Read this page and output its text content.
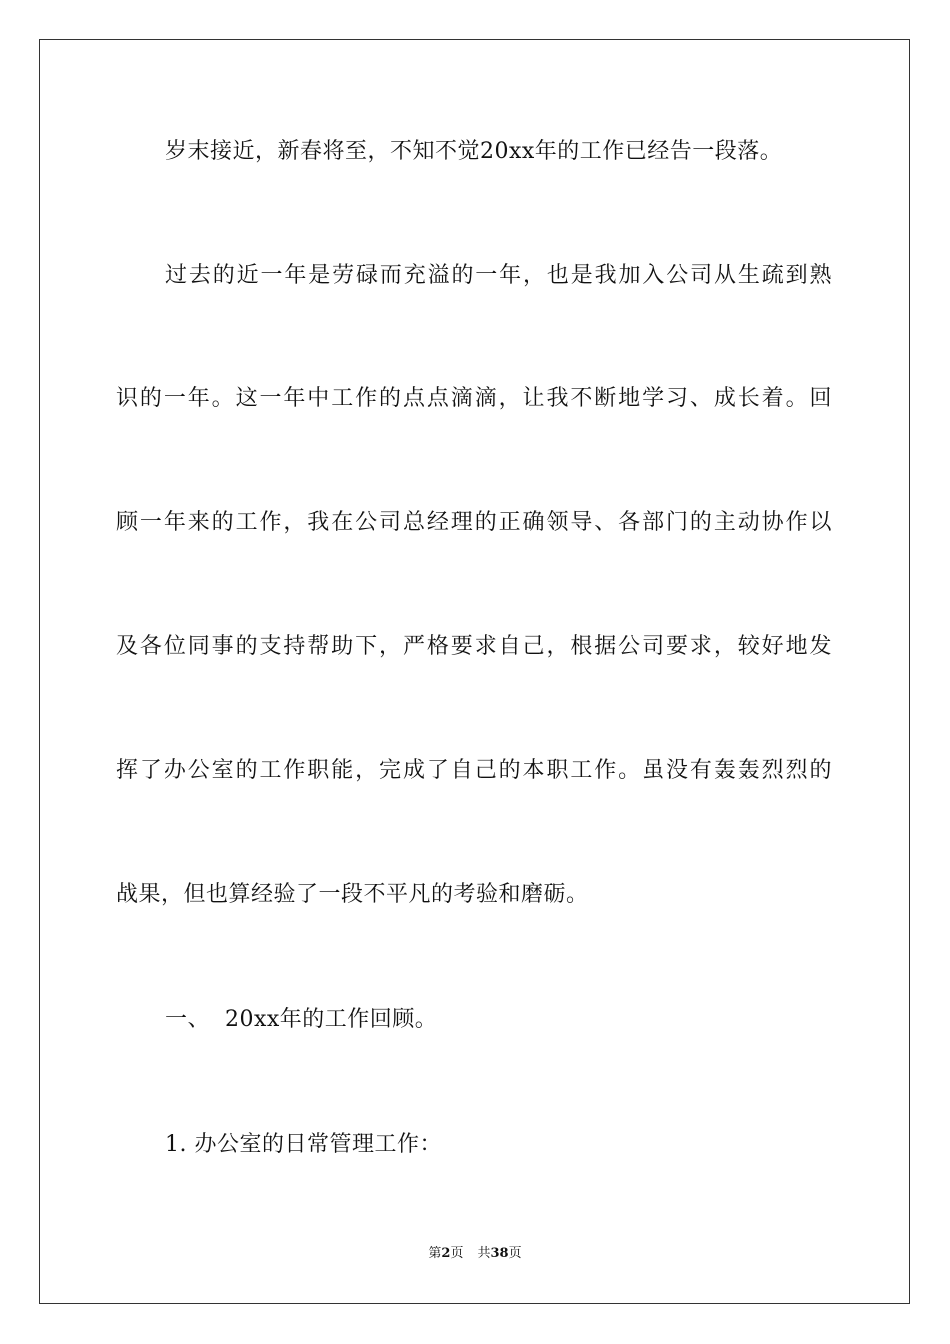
岁末接近，新春将至，不知不觉20xx年的工作已经告一段落。
过去的近一年是劳碌而充溢的一年，也是我加入公司从生疏到熟
识的一年。这一年中工作的点点滴滴，让我不断地学习、成长着。回
顾一年来的工作，我在公司总经理的正确领导、各部门的主动协作以
及各位同事的支持帮助下，严格要求自己，根据公司要求，较好地发
挥了办公室的工作职能，完成了自己的本职工作。虽没有轰轰烈烈的
战果，但也算经验了一段不平凡的考验和磨砺。
一、  20xx年的工作回顾。
1. 办公室的日常管理工作：
第2页 共38页
